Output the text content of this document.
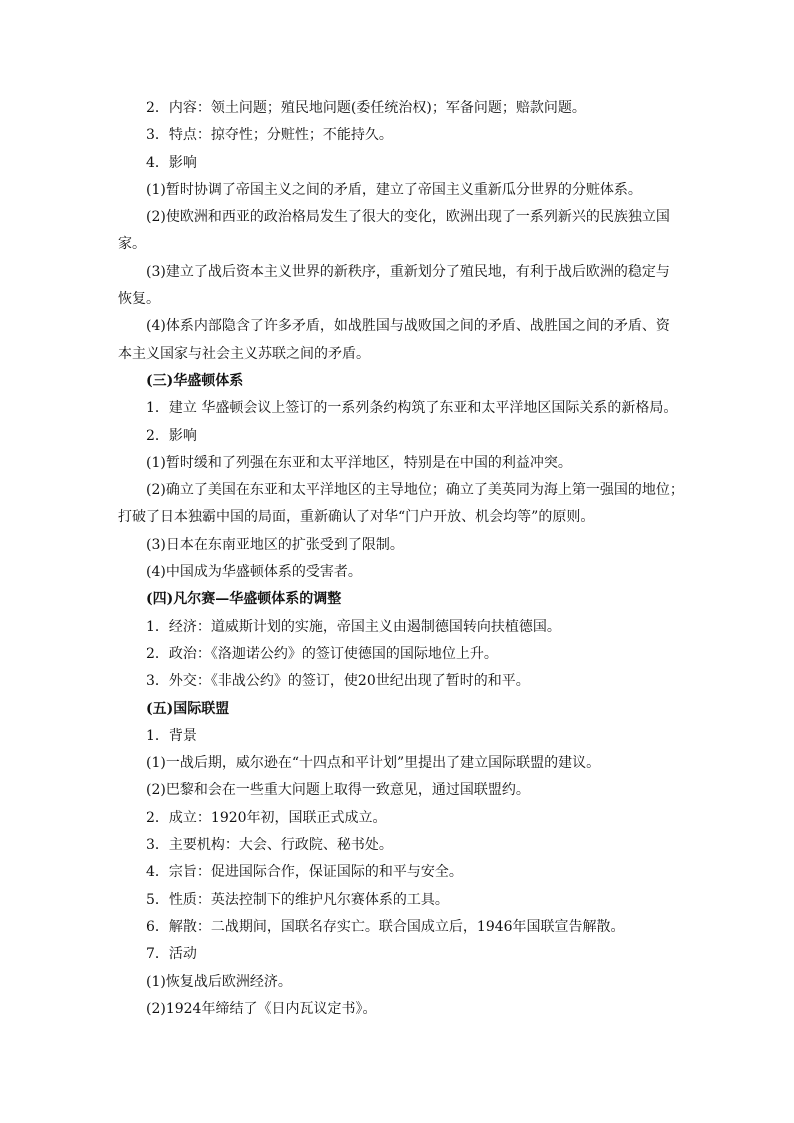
2．内容：领土问题；殖民地问题(委任统治权)；军备问题；赔款问题。
3．特点：掠夺性；分赃性；不能持久。
4．影响
(1)暂时协调了帝国主义之间的矛盾，建立了帝国主义重新瓜分世界的分赃体系。
(2)使欧洲和西亚的政治格局发生了很大的变化，欧洲出现了一系列新兴的民族独立国
家。
(3)建立了战后资本主义世界的新秩序，重新划分了殖民地，有利于战后欧洲的稳定与
恢复。
(4)体系内部隐含了许多矛盾，如战胜国与战败国之间的矛盾、战胜国之间的矛盾、资
本主义国家与社会主义苏联之间的矛盾。
(三)华盛顿体系
1．建立 华盛顿会议上签订的一系列条约构筑了东亚和太平洋地区国际关系的新格局。
2．影响
(1)暂时缓和了列强在东亚和太平洋地区，特别是在中国的利益冲突。
(2)确立了美国在东亚和太平洋地区的主导地位；确立了美英同为海上第一强国的地位；
打破了日本独霸中国的局面，重新确认了对华“门户开放、机会均等”的原则。
(3)日本在东南亚地区的扩张受到了限制。
(4)中国成为华盛顿体系的受害者。
(四)凡尔赛—华盛顿体系的调整
1．经济：道威斯计划的实施，帝国主义由遏制德国转向扶植德国。
2．政治：《洛迦诺公约》的签订使德国的国际地位上升。
3．外交：《非战公约》的签订，使20世纪出现了暂时的和平。
(五)国际联盟
1．背景
(1)一战后期，威尔逊在“十四点和平计划”里提出了建立国际联盟的建议。
(2)巴黎和会在一些重大问题上取得一致意见，通过国联盟约。
2．成立：1920年初，国联正式成立。
3．主要机构：大会、行政院、秘书处。
4．宗旨：促进国际合作，保证国际的和平与安全。
5．性质：英法控制下的维护凡尔赛体系的工具。
6．解散：二战期间，国联名存实亡。联合国成立后，1946年国联宣告解散。
7．活动
(1)恢复战后欧洲经济。
(2)1924年缔结了《日内瓦议定书》。
